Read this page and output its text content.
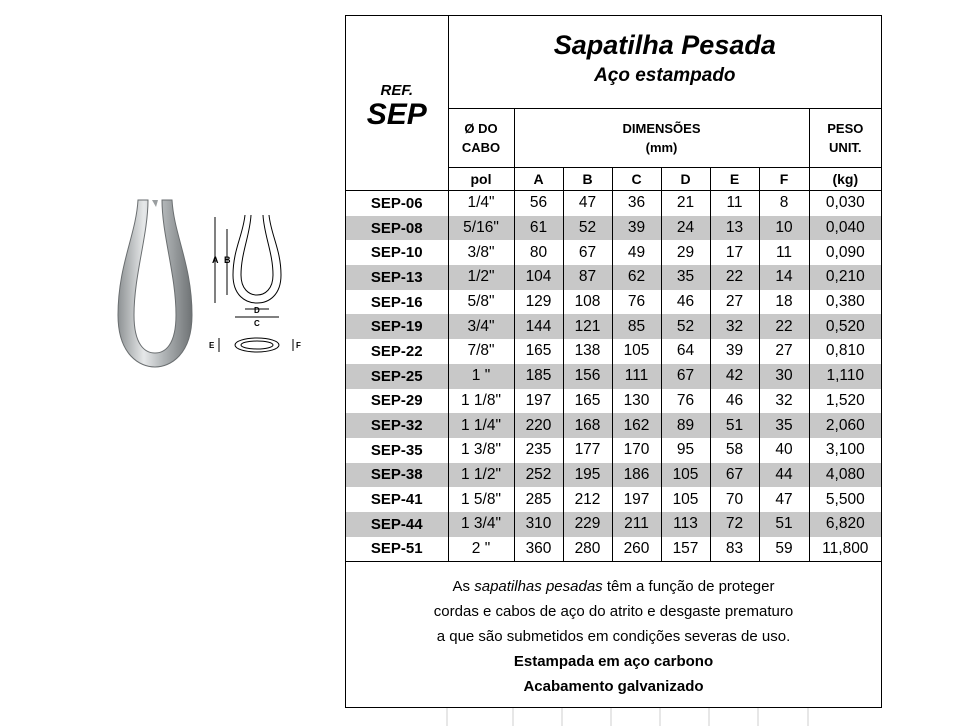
A B
D
C
E	F
REF.
SEP	Sapatilha Pesada
Aço estampado							

	Ø DO
CABO	DIMENSÕES
(mm)						PESO
UNIT.
	pol	A	B	C	D	E	F	(kg)
SEP-06	1/4"	56	47	36	21	11	8	0,030
SEP-08	5/16"	61	52	39	24	13	10	0,040
SEP-10	3/8"	80	67	49	29	17	11	0,090
SEP-13	1/2"	104	87	62	35	22	14	0,210
SEP-16	5/8"	129	108	76	46	27	18	0,380
SEP-19	3/4"	144	121	85	52	32	22	0,520
SEP-22	7/8"	165	138	105	64	39	27	0,810
SEP-25	1 "	185	156	111	67	42	30	1,110
SEP-29	1 1/8"	197	165	130	76	46	32	1,520
SEP-32	1 1/4"	220	168	162	89	51	35	2,060
SEP-35	1 3/8"	235	177	170	95	58	40	3,100
SEP-38	1 1/2"	252	195	186	105	67	44	4,080
SEP-41	1 5/8"	285	212	197	105	70	47	5,500
SEP-44	1 3/4"	310	229	211	113	72	51	6,820
SEP-51	2 "	360	280	260	157	83	59	11,800
As sapatilhas pesadas têm a função de proteger
cordas e cabos de aço do atrito e desgaste prematuro
a que são submetidos em condições severas de uso.
Estampada em aço carbono
Acabamento galvanizado
